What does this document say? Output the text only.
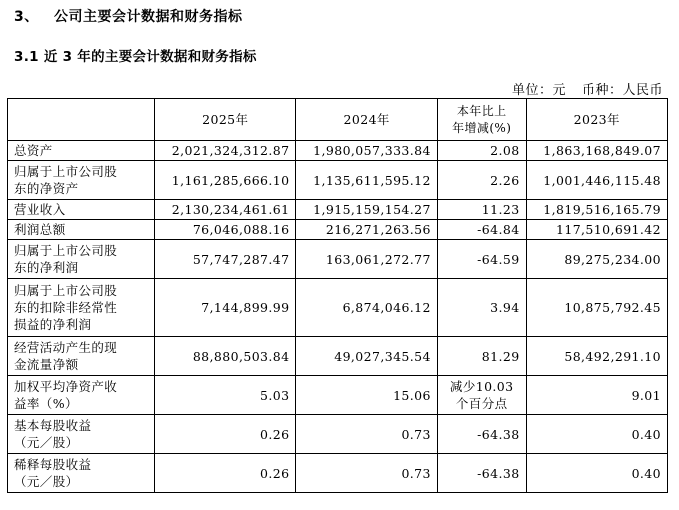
3、 公司主要会计数据和财务指标
3.1 近 3 年的主要会计数据和财务指标
单位：元 币种：人民币
	2025年	2024年	本年比上
年增减(%)	2023年

总资产	2,021,324,312.87	1,980,057,333.84	2.08	1,863,168,849.07

归属于上市公司股
东的净资产	1,161,285,666.10	1,135,611,595.12	2.26	1,001,446,115.48

营业收入	2,130,234,461.61	1,915,159,154.27	11.23	1,819,516,165.79

利润总额	76,046,088.16	216,271,263.56	-64.84	117,510,691.42

归属于上市公司股
东的净利润	57,747,287.47	163,061,272.77	-64.59	89,275,234.00

归属于上市公司股
东的扣除非经常性
损益的净利润	7,144,899.99	6,874,046.12	3.94	10,875,792.45

经营活动产生的现
金流量净额	88,880,503.84	49,027,345.54	81.29	58,492,291.10

加权平均净资产收
益率（%）	5.03	15.06	减少10.03
个百分点	9.01

基本每股收益
（元／股）	0.26	0.73	-64.38	0.40

稀释每股收益
（元／股）	0.26	0.73	-64.38	0.40
